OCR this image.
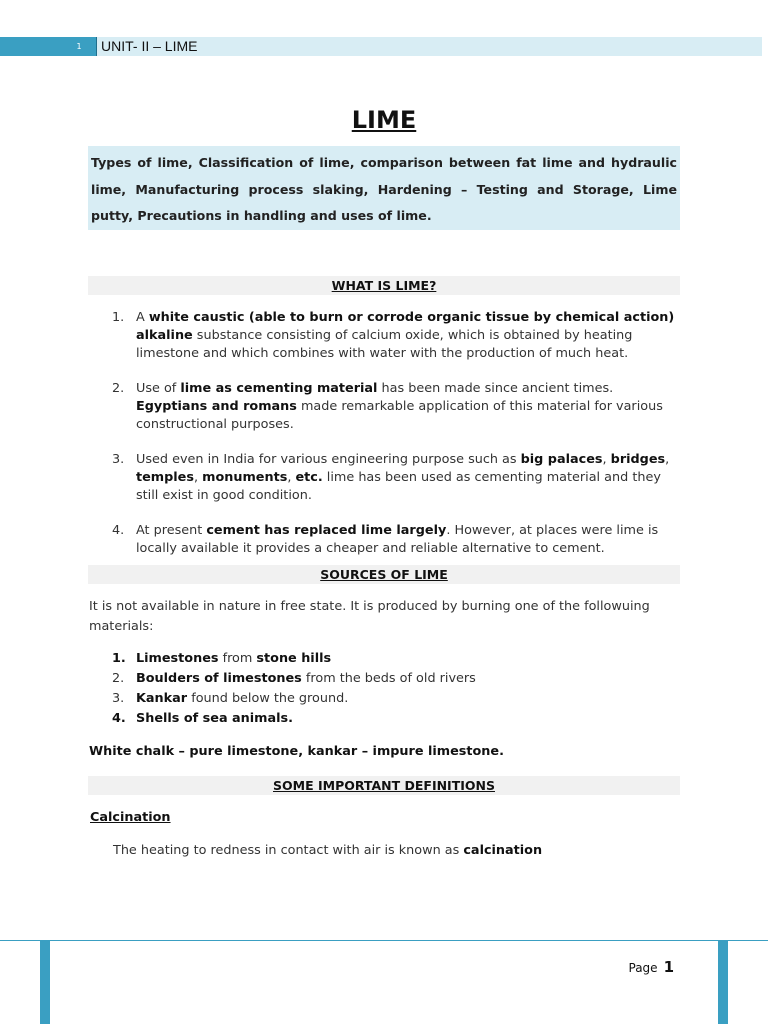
1 UNIT- II – LIME
LIME
Types of lime, Classification of lime, comparison between fat lime and hydraulic lime, Manufacturing process slaking, Hardening – Testing and Storage, Lime putty, Precautions in handling and uses of lime.
WHAT IS LIME?
1. A white caustic (able to burn or corrode organic tissue by chemical action) alkaline substance consisting of calcium oxide, which is obtained by heating limestone and which combines with water with the production of much heat.
2. Use of lime as cementing material has been made since ancient times. Egyptians and romans made remarkable application of this material for various constructional purposes.
3. Used even in India for various engineering purpose such as big palaces, bridges, temples, monuments, etc. lime has been used as cementing material and they still exist in good condition.
4. At present cement has replaced lime largely. However, at places were lime is locally available it provides a cheaper and reliable alternative to cement.
SOURCES OF LIME
It is not available in nature in free state. It is produced by burning one of the followuing materials:
1. Limestones from stone hills
2. Boulders of limestones from the beds of old rivers
3. Kankar found below the ground.
4. Shells of sea animals.
White chalk – pure limestone, kankar – impure limestone.
SOME IMPORTANT DEFINITIONS
Calcination
The heating to redness in contact with air is known as calcination
Page 1
